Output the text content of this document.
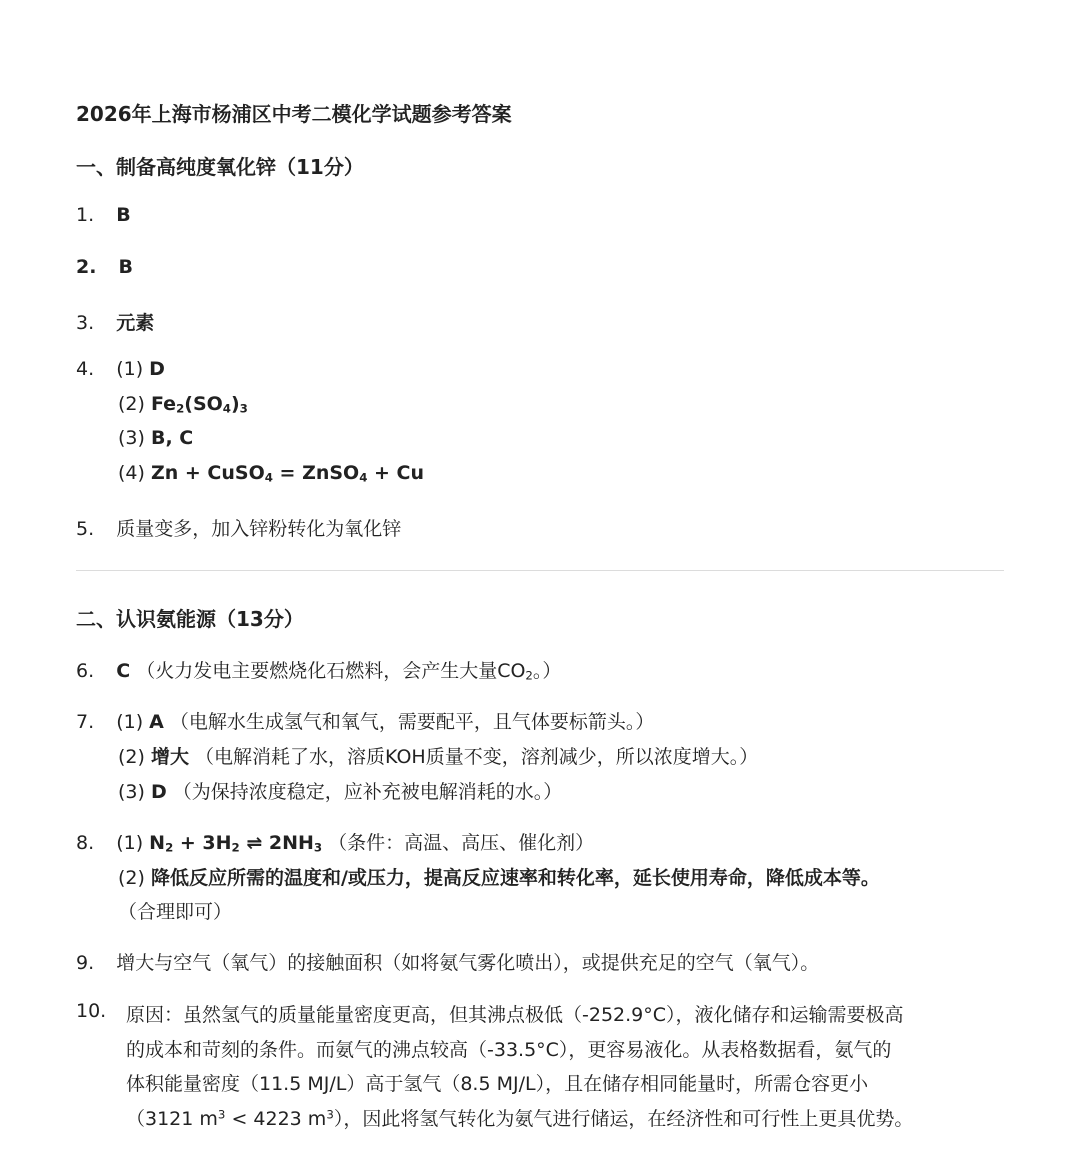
2026年上海市杨浦区中考二模化学试题参考答案
一、制备高纯度氧化锌（11分）
1. B
2. B
3. 元素
4. (1) D
(2) $Fe_2(SO_4)_3$
(3) B, C
(4) Zn + CuSO$_4$ = ZnSO$_4$ + Cu
5. 质量变多，加入锌粉转化为氧化锌
二、认识氨能源（13分）
6. C （火力发电主要燃烧化石燃料，会产生大量$CO_2$。）
7. (1) A （电解水生成氢气和氧气，需要配平，且气体要标箭头。）
(2) 增大 （电解消耗了水，溶质KOH质量不变，溶剂减少，所以浓度增大。）
(3) D （为保持浓度稳定，应补充被电解消耗的水。）
8. (1) $N_2 + 3H_2$ ⇌ $2NH_3$ （条件：高温、高压、催化剂）
(2) 降低反应所需的温度和/或压力，提高反应速率和转化率，延长使用寿命，降低成本等。
（合理即可）
9. 增大与空气（氧气）的接触面积（如将氨气雾化喷出），或提供充足的空气（氧气）。
10. 原因：虽然氢气的质量能量密度更高，但其沸点极低（-252.9°C），液化储存和运输需要极高
的成本和苛刻的条件。而氨气的沸点较高（-33.5°C），更容易液化。从表格数据看，氨气的
体积能量密度（11.5 MJ/L）高于氢气（8.5 MJ/L），且在储存相同能量时，所需仓容更小
（3121 $m^3 < 4223$ $m^3$），因此将氢气转化为氨气进行储运，在经济性和可行性上更具优势。
